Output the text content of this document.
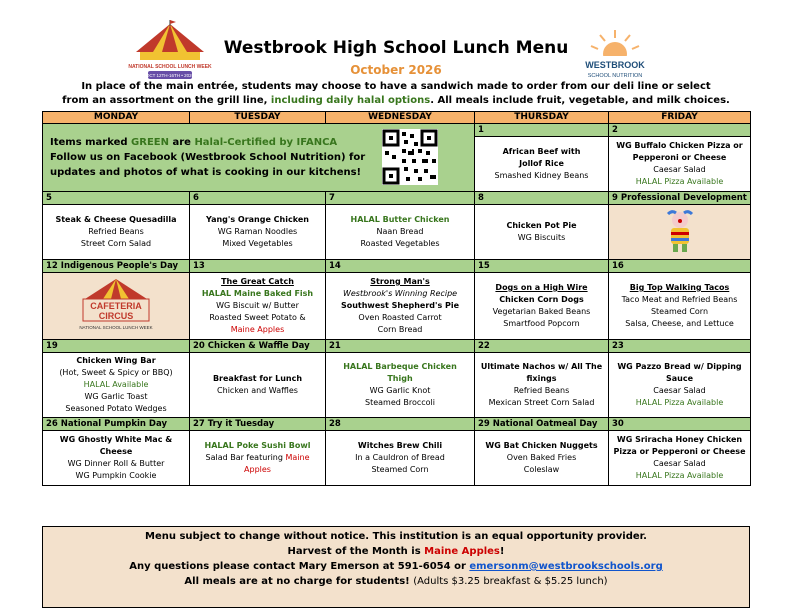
NATIONAL SCHOOL LUNCH WEEK
OCT 12TH-16TH • 2026
Westbrook High School Lunch Menu
October 2026	WESTBROOK
SCHOOL NUTRITION
In place of the main entrée, students may choose to have a sandwich made to order from our deli line or select
from an assortment on the grill line, including daily halal options. All meals include fruit, vegetable, and milk choices.
MONDAY	TUESDAY	WEDNESDAY	THURSDAY	FRIDAY

Items marked GREEN are Halal-Certified by IFANCA
Follow us on Facebook (Westbrook School Nutrition) for
updates and photos of what is cooking in our kitchens!			1	2

			African Beef with
Jollof Rice
Smashed Kidney Beans	WG Buffalo Chicken Pizza or
Pepperoni or Cheese
Caesar Salad
HALAL Pizza Available

5	6	7	8	9 Professional Development

Steak & Cheese Quesadilla
Refried Beans
Street Corn Salad	Yang's Orange Chicken
WG Raman Noodles
Mixed Vegetables	HALAL Butter Chicken
Naan Bread
Roasted Vegetables	Chicken Pot Pie
WG Biscuits

12 Indigenous People's Day	13	14	15	16

CAFETERIA
CIRCUS
NATIONAL SCHOOL LUNCH WEEK	The Great Catch
HALAL Maine Baked Fish
WG Biscuit w/ Butter
Roasted Sweet Potato &
Maine Apples	Strong Man's
Westbrook's Winning Recipe
Southwest Shepherd's Pie
Oven Roasted Carrot
Corn Bread	Dogs on a High Wire
Chicken Corn Dogs
Vegetarian Baked Beans
Smartfood Popcorn	Big Top Walking Tacos
Taco Meat and Refried Beans
Steamed Corn
Salsa, Cheese, and Lettuce

19	20 Chicken & Waffle Day	21	22	23

Chicken Wing Bar
(Hot, Sweet & Spicy or BBQ)
HALAL Available
WG Garlic Toast
Seasoned Potato Wedges	Breakfast for Lunch
Chicken and Waffles	HALAL Barbeque Chicken
Thigh
WG Garlic Knot
Steamed Broccoli	Ultimate Nachos w/ All The
fixings
Refried Beans
Mexican Street Corn Salad	WG Pazzo Bread w/ Dipping
Sauce
Caesar Salad
HALAL Pizza Available

26 National Pumpkin Day	27 Try it Tuesday	28	29 National Oatmeal Day	30

WG Ghostly White Mac &
Cheese
WG Dinner Roll & Butter
WG Pumpkin Cookie	HALAL Poke Sushi Bowl
Salad Bar featuring Maine
Apples	Witches Brew Chili
In a Cauldron of Bread
Steamed Corn	WG Bat Chicken Nuggets
Oven Baked Fries
Coleslaw	WG Sriracha Honey Chicken
Pizza or Pepperoni or Cheese
Caesar Salad
HALAL Pizza Available
Menu subject to change without notice. This institution is an equal opportunity provider.
Harvest of the Month is Maine Apples!
Any questions please contact Mary Emerson at 591-6054 or emersonm@westbrookschools.org
All meals are at no charge for students! (Adults $3.25 breakfast & $5.25 lunch)
